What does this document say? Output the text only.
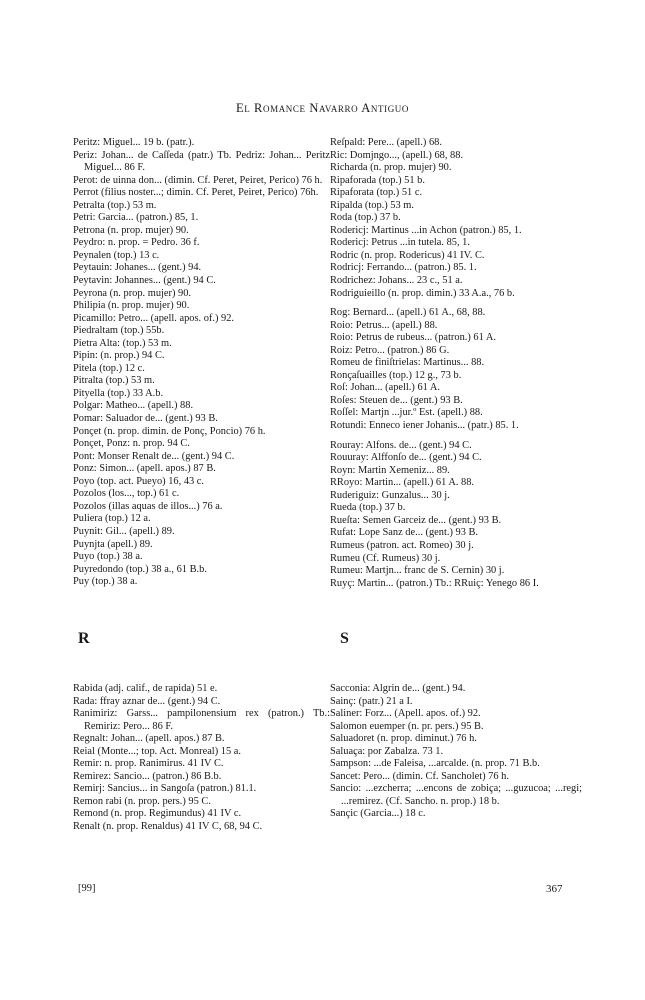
El Romance Navarro Antiguo
Peritz: Miguel... 19 b. (patr.).
Periz: Johan... de Caſſeda (patr.) Tb. Pedriz: Johan... Peritz Miguel... 86 F.
Perot: de uinna don... (dimin. Cf. Peret, Peiret, Perico) 76 h.
Perrot (filius noster...; dimin. Cf. Peret, Peiret, Perico) 76h.
Petralta (top.) 53 m.
Petri: Garcia... (patron.) 85, 1.
Petrona (n. prop. mujer) 90.
Peydro: n. prop. = Pedro. 36 f.
Peynalen (top.) 13 c.
Peytauin: Johanes... (gent.) 94.
Peytavin: Johannes... (gent.) 94 C.
Peyrona (n. prop. mujer) 90.
Philipia (n. prop. mujer) 90.
Picamillo: Petro... (apell. apos. of.) 92.
Piedraltam (top.) 55b.
Pietra Alta: (top.) 53 m.
Pipin: (n. prop.) 94 C.
Pitela (top.) 12 c.
Pitralta (top.) 53 m.
Pityella (top.) 33 A.b.
Polgar: Matheo... (apell.) 88.
Pomar: Saluador de... (gent.) 93 B.
Ponçet (n. prop. dimin. de Ponç, Poncio) 76 h.
Ponçet, Ponz: n. prop. 94 C.
Pont: Monser Renalt de... (gent.) 94 C.
Ponz: Simon... (apell. apos.) 87 B.
Poyo (top. act. Pueyo) 16, 43 c.
Pozolos (los..., top.) 61 c.
Pozolos (illas aquas de illos...) 76 a.
Puliera (top.) 12 a.
Puynit: Gil... (apell.) 89.
Puynjta (apell.) 89.
Puyo (top.) 38 a.
Puyredondo (top.) 38 a., 61 B.b.
Puy (top.) 38 a.
Reſpald: Pere... (apell.) 68.
Ric: Domjngo..., (apell.) 68, 88.
Richarda (n. prop. mujer) 90.
Ripaforada (top.) 51 b.
Ripaforata (top.) 51 c.
Ripalda (top.) 53 m.
Roda (top.) 37 b.
Rodericj: Martinus ...in Achon (patron.) 85, 1.
Rodericj: Petrus ...in tutela. 85, 1.
Rodric (n. prop. Rodericus) 41 IV. C.
Rodricj: Ferrando... (patron.) 85. 1.
Rodrichez: Johans... 23 c., 51 a.
Rodriguieillo (n. prop. dimin.) 33 A.a., 76 b.
Rog: Bernard... (apell.) 61 A., 68, 88.
Roio: Petrus... (apell.) 88.
Roio: Petrus de rubeus... (patron.) 61 A.
Roiz: Petro... (patron.) 86 G.
Romeu de finiſtrielas: Martinus... 88.
Ronçaſuailles (top.) 12 g., 73 b.
Roſ: Johan... (apell.) 61 A.
Roſes: Steuen de... (gent.) 93 B.
Roſſel: Martjn ...jur.º Est. (apell.) 88.
Rotundi: Enneco iener Johanis... (patr.) 85. 1.
Rouray: Alfons. de... (gent.) 94 C.
Rouuray: Alffonſo de... (gent.) 94 C.
Royn: Martin Xemeniz... 89.
RRoyo: Martin... (apell.) 61 A. 88.
Ruderiguiz: Gunzalus... 30 j.
Rueda (top.) 37 b.
Rueſta: Semen Garceiz de... (gent.) 93 B.
Rufat: Lope Sanz de... (gent.) 93 B.
Rumeus (patron. act. Romeo) 30 j.
Rumeu (Cf. Rumeus) 30 j.
Rumeu: Martjn... franc de S. Cernin) 30 j.
Ruyç: Martin... (patron.) Tb.: RRuiç: Yenego 86 I.
R	S
Rabida (adj. calif., de rapida) 51 e.
Rada: ffray aznar de... (gent.) 94 C.
Ranimiriz: Garss... pampilonensium rex (patron.) Tb.: Remiriz: Pero... 86 F.
Regnalt: Johan... (apell. apos.) 87 B.
Reial (Monte...; top. Act. Monreal) 15 a.
Remir: n. prop. Ranimirus. 41 IV C.
Remirez: Sancio... (patron.) 86 B.b.
Remirj: Sancius... in Sangoſa (patron.) 81.1.
Remon rabi (n. prop. pers.) 95 C.
Remond (n. prop. Regimundus) 41 IV c.
Renalt (n. prop. Renaldus) 41 IV C, 68, 94 C.
Sacconia: Algrin de... (gent.) 94.
Sainç: (patr.) 21 a I.
Saliner: Forz... (Apell. apos. of.) 92.
Salomon euemper (n. pr. pers.) 95 B.
Saluadoret (n. prop. diminut.) 76 h.
Saluaҫa: por Zabalza. 73 1.
Sampson: ...de Faleisa, ...arcalde. (n. prop. 71 B.b.
Sancet: Pero... (dimin. Cf. Sancholet) 76 h.
Sancio: ...ezcherra; ...encons de zobiҫa; ...guzucoa; ...regi; ...remirez. (Cf. Sancho. n. prop.) 18 b.
Sançic (Garcia...) 18 c.
[99]	367
